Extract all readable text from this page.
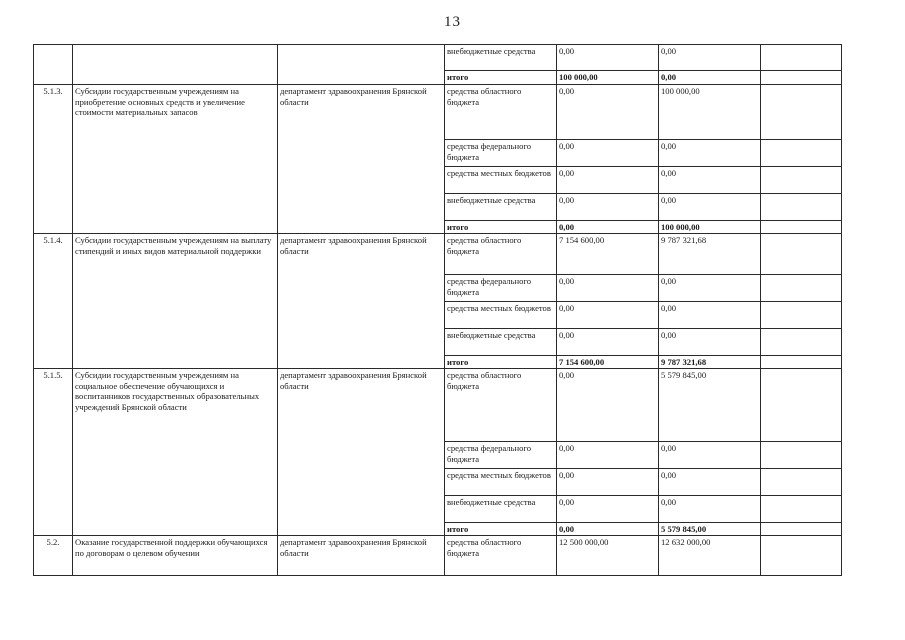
13
			внебюджетные средства	0,00	0,00	
			итого	100 000,00	0,00	
5.1.3.	Субсидии государственным учреждениям на приобретение основных средств и увеличение стоимости материальных запасов	департамент здравоохранения Брянской области	средства областного бюджета	0,00	100 000,00	
			средства федерального бюджета	0,00	0,00	
			средства местных бюджетов	0,00	0,00	
			внебюджетные средства	0,00	0,00	
			итого	0,00	100 000,00	
5.1.4.	Субсидии государственным учреждениям на выплату стипендий и иных видов материальной поддержки	департамент здравоохранения Брянской области	средства областного бюджета	7 154 600,00	9 787 321,68	
			средства федерального бюджета	0,00	0,00	
			средства местных бюджетов	0,00	0,00	
			внебюджетные средства	0,00	0,00	
			итого	7 154 600,00	9 787 321,68	
5.1.5.	Субсидии государственным учреждениям на социальное обеспечение обучающихся и воспитанников государственных образовательных учреждений Брянской области	департамент здравоохранения Брянской области	средства областного бюджета	0,00	5 579 845,00	
			средства федерального бюджета	0,00	0,00	
			средства местных бюджетов	0,00	0,00	
			внебюджетные средства	0,00	0,00	
			итого	0,00	5 579 845,00	
5.2.	Оказание государственной поддержки обучающихся по договорам о целевом обучении	департамент здравоохранения Брянской области	средства областного бюджета	12 500 000,00	12 632 000,00	
